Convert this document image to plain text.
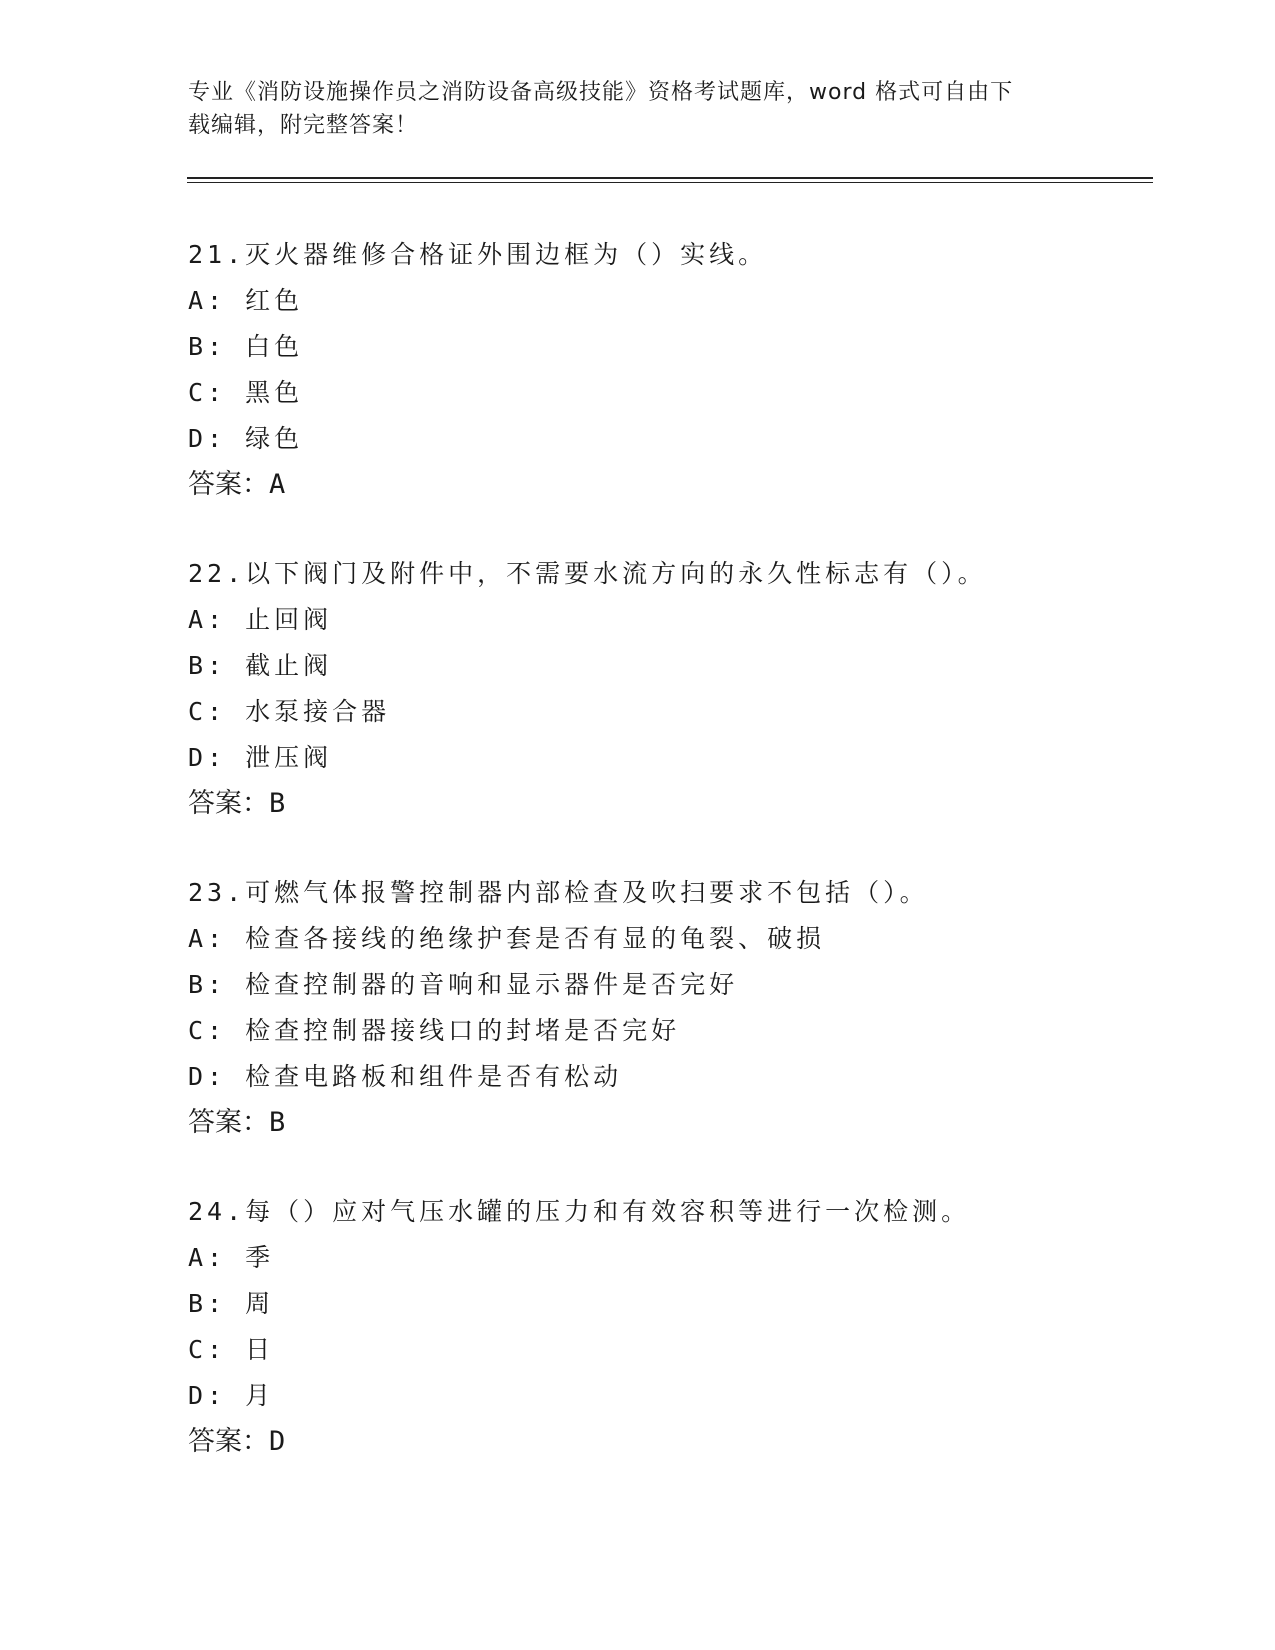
专业《消防设施操作员之消防设备高级技能》资格考试题库，word 格式可自由下
载编辑，附完整答案！
21.灭火器维修合格证外围边框为（）实线。
A: 红色
B: 白色
C: 黑色
D: 绿色
答案：A
22.以下阀门及附件中，不需要水流方向的永久性标志有（）。
A: 止回阀
B: 截止阀
C: 水泵接合器
D: 泄压阀
答案：B
23.可燃气体报警控制器内部检查及吹扫要求不包括（）。
A: 检查各接线的绝缘护套是否有显的龟裂、破损
B: 检查控制器的音响和显示器件是否完好
C: 检查控制器接线口的封堵是否完好
D: 检查电路板和组件是否有松动
答案：B
24.每（）应对气压水罐的压力和有效容积等进行一次检测。
A: 季
B: 周
C: 日
D: 月
答案：D
